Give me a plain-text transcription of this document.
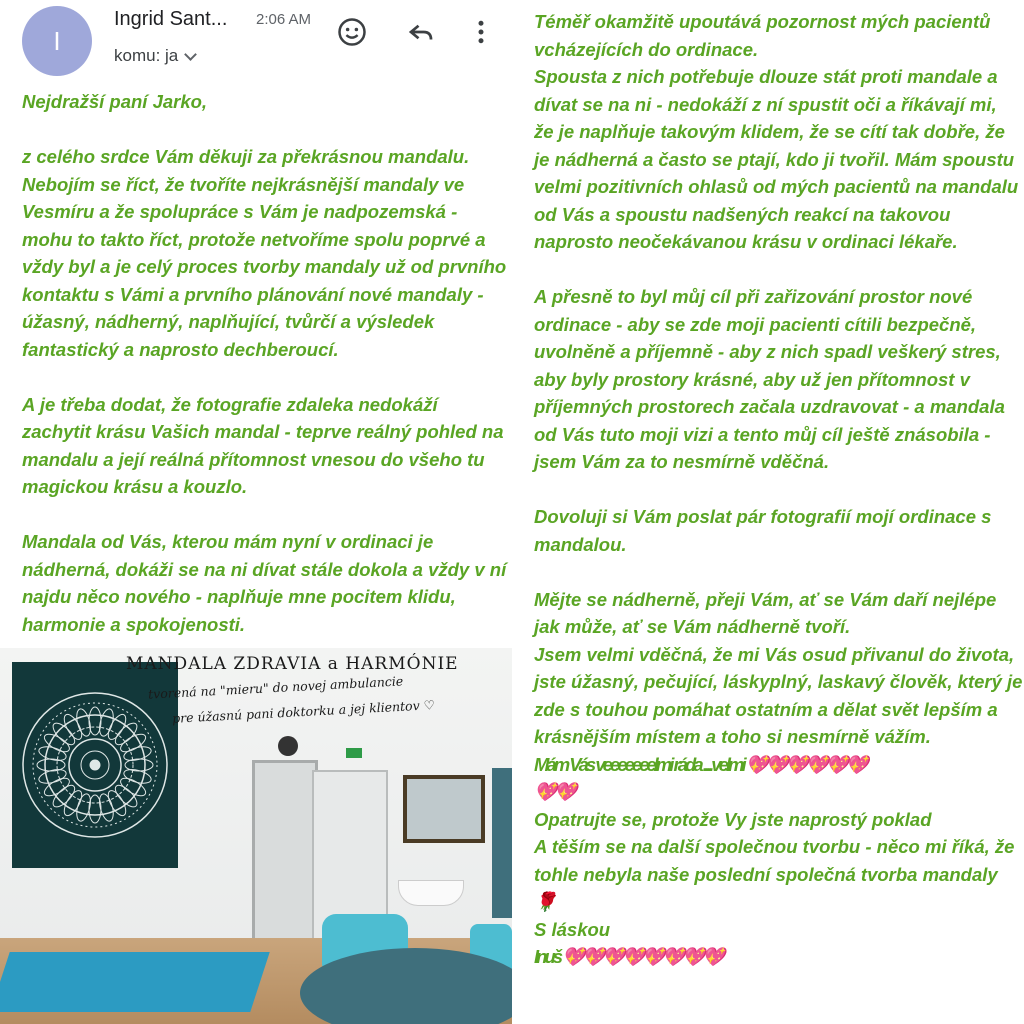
I
Ingrid Sant... 2:06 AM
komu: ja
Nejdražší paní Jarko,
z celého srdce Vám děkuji za překrásnou mandalu.
Nebojím se říct, že tvoříte nejkrásnější mandaly ve
Vesmíru a že spolupráce s Vám je nadpozemská -
mohu to takto říct, protože netvoříme spolu poprvé a
vždy byl a je celý proces tvorby mandaly už od prvního
kontaktu s Vámi a prvního plánování nové mandaly -
úžasný, nádherný, naplňující, tvůrčí a výsledek
fantastický a naprosto dechberoucí.
A je třeba dodat, že fotografie zdaleka nedokáží
zachytit krásu Vašich mandal - teprve reálný pohled na
mandalu a její reálná přítomnost vnesou do všeho tu
magickou krásu a kouzlo.
Mandala od Vás, kterou mám nyní v ordinaci je
nádherná, dokáži se na ni dívat stále dokola a vždy v ní
najdu něco nového - naplňuje mne pocitem klidu,
harmonie a spokojenosti.
MANDALA ZDRAVIA a HARMÓNIE
tvorená na "mieru" do novej ambulancie
pre úžasnú pani doktorku a jej klientov ♡
Téměř okamžitě upoutává pozornost mých pacientů
vcházejících do ordinace.
Spousta z nich potřebuje dlouze stát proti mandale a
dívat se na ni - nedokáží z ní spustit oči a říkávají mi,
že je naplňuje takovým klidem, že se cítí tak dobře, že
je nádherná a často se ptají, kdo ji tvořil. Mám spoustu
velmi pozitivních ohlasů od mých pacientů na mandalu
od Vás a spoustu nadšených reakcí na takovou
naprosto neočekávanou krásu v ordinaci lékaře.
A přesně to byl můj cíl při zařizování prostor nové
ordinace - aby se zde moji pacienti cítili bezpečně,
uvolněně a příjemně - aby z nich spadl veškerý stres,
aby byly prostory krásné, aby už jen přítomnost v
příjemných prostorech začala uzdravovat - a mandala
od Vás tuto moji vizi a tento můj cíl ještě znásobila -
jsem Vám za to nesmírně vděčná.
Dovoluji si Vám poslat pár fotografií mojí ordinace s
mandalou.
Mějte se nádherně, přeji Vám, ať se Vám daří nejlépe
jak může, ať se Vám nádherně tvoří.
Jsem velmi vděčná, že mi Vás osud přivanul do života,
jste úžasný, pečující, láskyplný, laskavý člověk, který je
zde s touhou pomáhat ostatním a dělat svět lepším a
krásnějším místem a toho si nesmírně vážím.
Mám Vás veeeeeeelmi ráda ....velmi 💖💖💖💖💖💖
💖💖
Opatrujte se, protože Vy jste naprostý poklad
A těším se na další společnou tvorbu - něco mi říká, že
tohle nebyla naše poslední společná tvorba mandaly
🌹
S láskou
Inuš 💖💖💖💖💖💖💖💖
